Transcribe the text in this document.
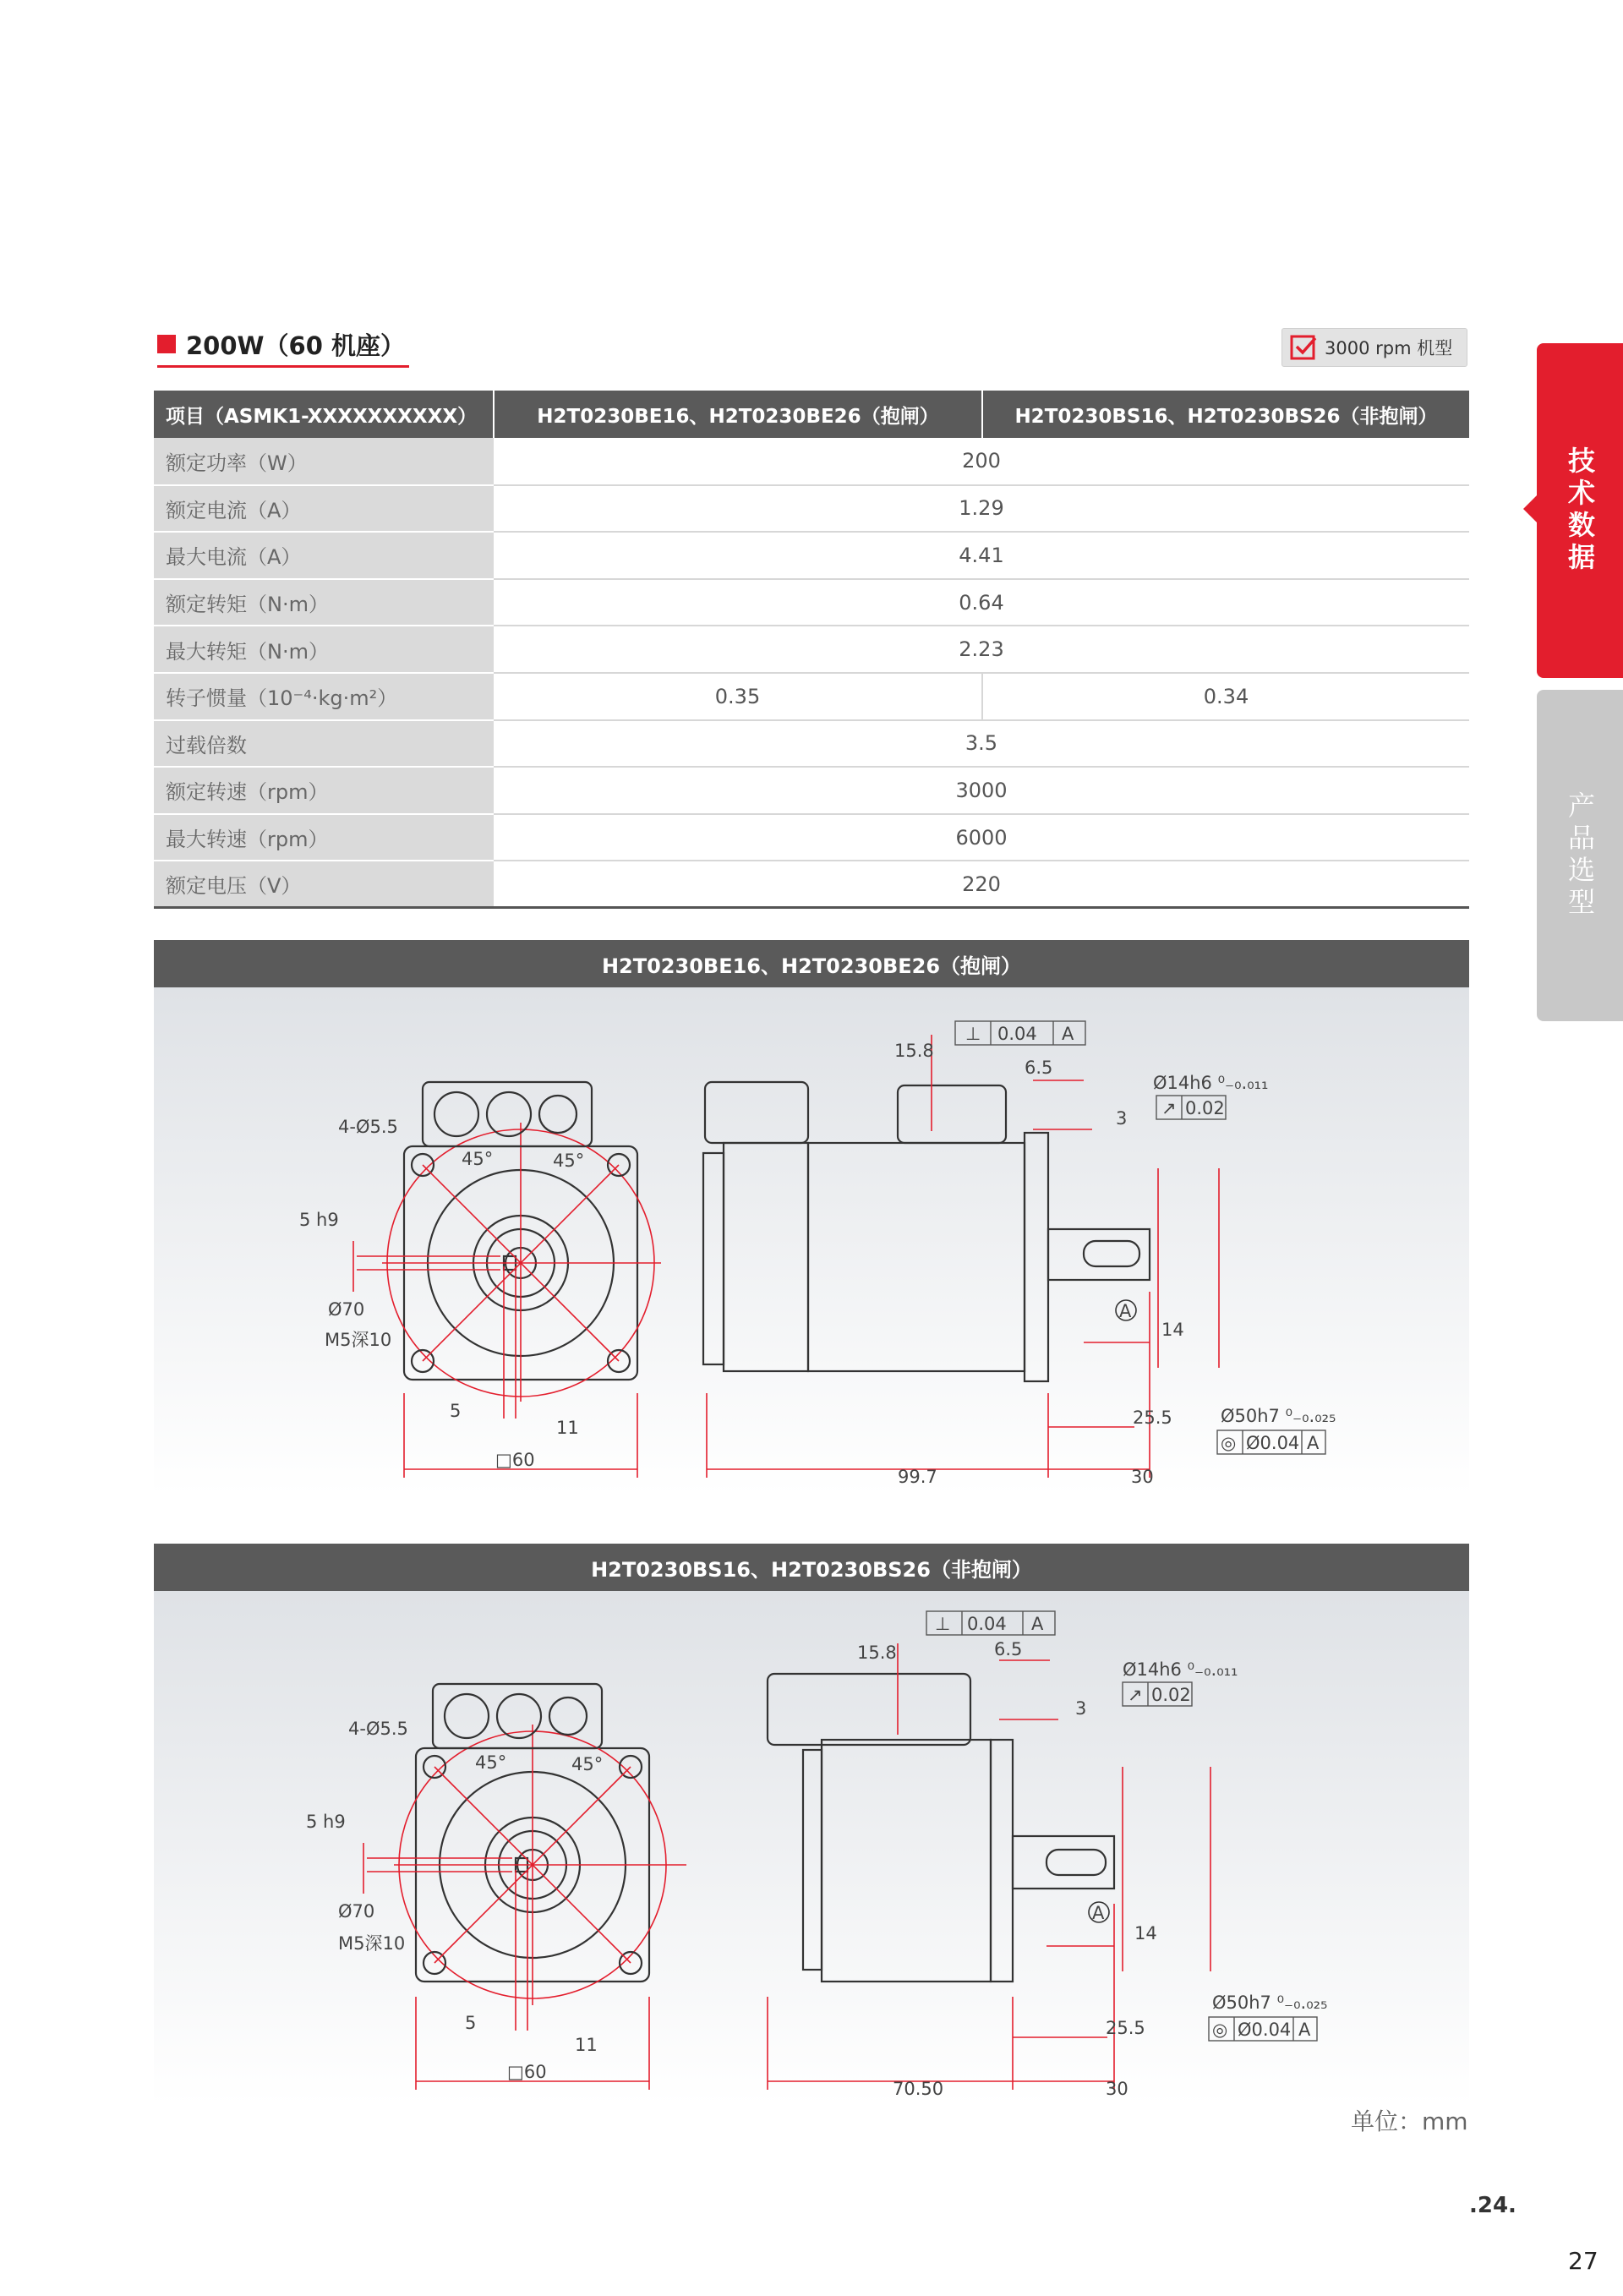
200W（60 机座）	3000 rpm 机型
项目（ASMK1-XXXXXXXXXX）	H2T0230BE16、H2T0230BE26（抱闸）	H2T0230BS16、H2T0230BS26（非抱闸）
额定功率（W）	200	
额定电流（A）	1.29	
最大电流（A）	4.41	
额定转矩（N·m）	0.64	
最大转矩（N·m）	2.23	
转子惯量（10⁻⁴·kg·m²）	0.35	0.34
过载倍数	3.5	
额定转速（rpm）	3000	
最大转速（rpm）	6000	
额定电压（V）	220	
H2T0230BE16、H2T0230BE26（抱闸）
4-Ø5.5
5 h9
Ø70
M5深10
5
11
□60
45°	45°
99.7	30
25.5
14
3
15.8
6.5
⊥ 0.04 A
Ø14h6 ⁰₋₀.₀₁₁
↗ 0.02
Ø50h7 ⁰₋₀.₀₂₅
◎ Ø0.04 A
A
H2T0230BS16、H2T0230BS26（非抱闸）
4-Ø5.5
5 h9
Ø70
M5深10
5
11
□60
45°	45°
70.50	30
25.5
14
3
15.8	6.5
⊥ 0.04 A
Ø14h6 ⁰₋₀.₀₁₁
↗ 0.02
Ø50h7 ⁰₋₀.₀₂₅
◎ Ø0.04 A
A
单位：mm
.24.
27
技术数据
产品选型
